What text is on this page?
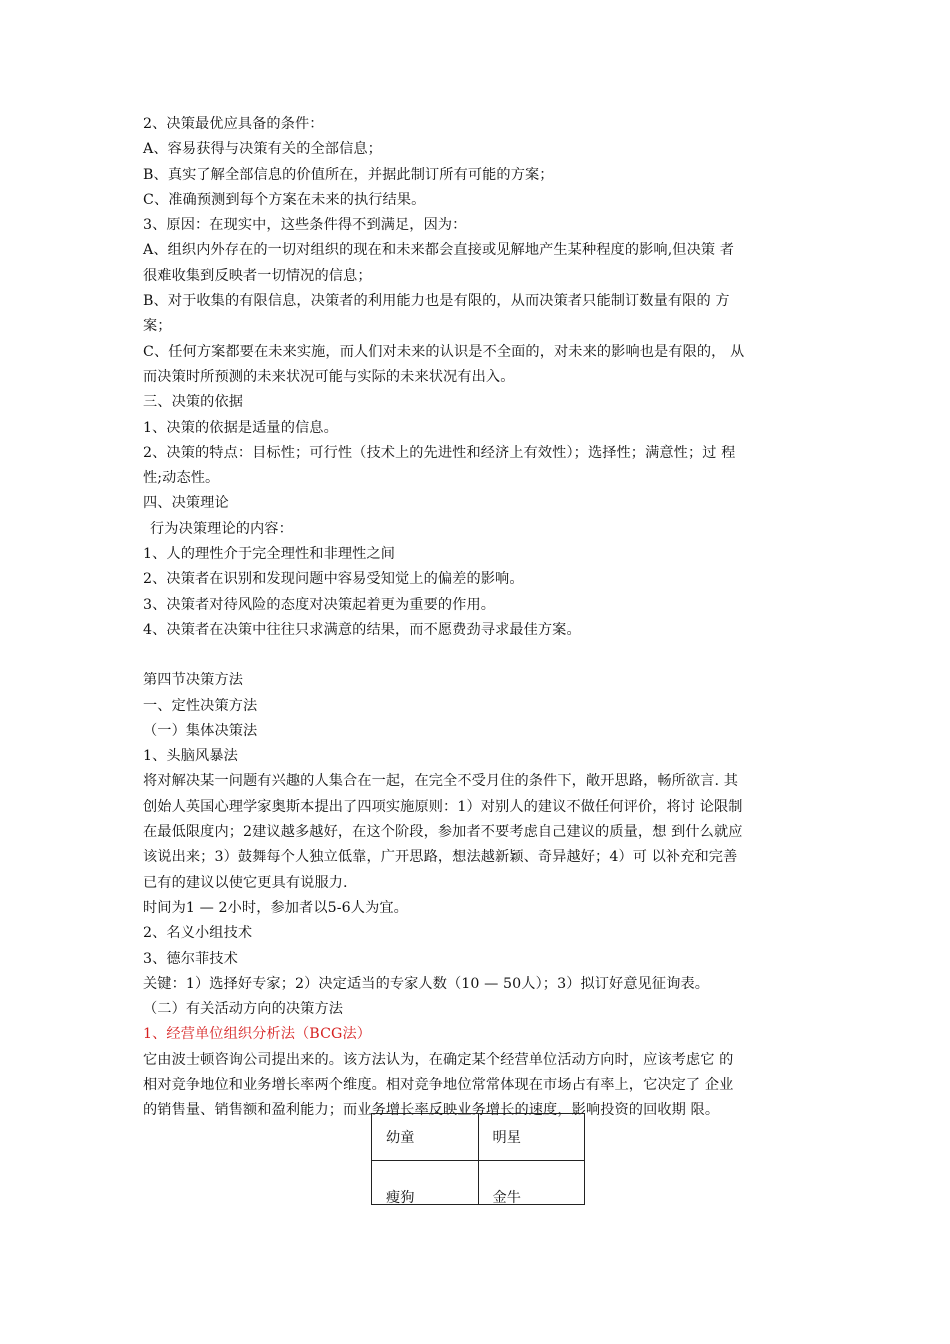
2、决策最优应具备的条件：
A、容易获得与决策有关的全部信息；
B、真实了解全部信息的价值所在，并据此制订所有可能的方案；
C、准确预测到每个方案在未来的执行结果。
3、原因：在现实中，这些条件得不到满足，因为：
A、组织内外存在的一切对组织的现在和未来都会直接或见解地产生某种程度的影响,但决策 者
很难收集到反映者一切情况的信息；
B、对于收集的有限信息，决策者的利用能力也是有限的，从而决策者只能制订数量有限的 方
案；
C、任何方案都要在未来实施，而人们对未来的认识是不全面的，对未来的影响也是有限的， 从
而决策时所预测的未来状况可能与实际的未来状况有出入。
三、决策的依据
1、决策的依据是适量的信息。
2、决策的特点：目标性；可行性（技术上的先进性和经济上有效性）；选择性；满意性；过 程
性;动态性。
四、决策理论
行为决策理论的内容：
1、人的理性介于完全理性和非理性之间
2、决策者在识别和发现问题中容易受知觉上的偏差的影响。
3、决策者对待风险的态度对决策起着更为重要的作用。
4、决策者在决策中往往只求满意的结果，而不愿费劲寻求最佳方案。
第四节决策方法
一、定性决策方法
（一）集体决策法
1、头脑风暴法
将对解决某一问题有兴趣的人集合在一起，在完全不受月住的条件下，敞开思路，畅所欲言. 其
创始人英国心理学家奥斯本提出了四项实施原则：1）对别人的建议不做任何评价，将讨 论限制
在最低限度内；2建议越多越好，在这个阶段，参加者不要考虑自己建议的质量，想 到什么就应
该说出来；3）鼓舞每个人独立低靠，广开思路，想法越新颖、奇异越好；4）可 以补充和完善
已有的建议以使它更具有说服力.
时间为1 — 2小时，参加者以5-6人为宜。
2、名义小组技术
3、德尔菲技术
关键：1）选择好专家；2）决定适当的专家人数（10 — 50人）；3）拟订好意见征询表。
（二）有关活动方向的决策方法
1、经营单位组织分析法（BCG法）
它由波士顿咨询公司提出来的。该方法认为，在确定某个经营单位活动方向时，应该考虑它 的
相对竞争地位和业务增长率两个维度。相对竞争地位常常体现在市场占有率上，它决定了 企业
的销售量、销售额和盈利能力；而业务增长率反映业务增长的速度，影响投资的回收期 限。
幼童	明星
瘦狗	金牛
